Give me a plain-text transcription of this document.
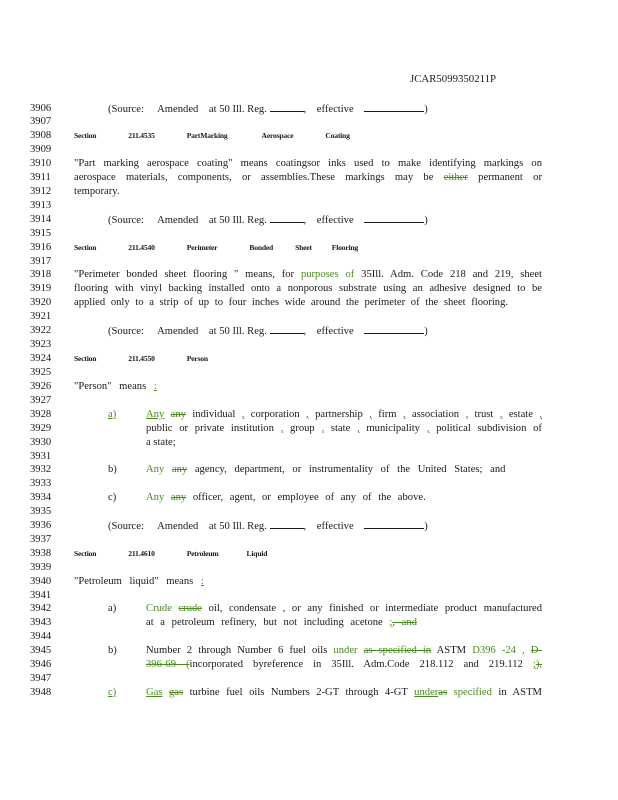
JCAR5099350211P
3906	(Source: Amended at 50 Ill. Reg.	, effective	)
3907
3908	Section	211.4535	PartMarking	Aerospace	Coating
3909
3910	"Part marking aerospace coating" means coatingsor inks used to make identifying markings on
3911	aerospace materials, components, or assemblies.These markings may be either permanent or
3912	temporary.
3913
3914	(Source: Amended at 50 Ill. Reg.	, effective	)
3915
3916	Section	211.4540	Perimeter	Bonded	Sheet	Flooring
3917
3918	"Perimeter bonded sheet flooring " means, for purposes of 35Ill. Adm. Code 218 and 219, sheet
3919	flooring with vinyl backing installed onto a nonporous substrate using an adhesive designed to be
3920	applied only to a strip of up to four inches wide around the perimeter of the sheet flooring.
3921
3922	(Source: Amended at 50 Ill. Reg.	, effective	)
3923
3924	Section	211.4550	Person
3925
3926	"Person" means :
3927
3928	a)	Any any individual , corporation , partnership , firm , association , trust , estate ,
3929	public or private institution , group , state , municipality , political subdivision of
3930	a state;
3931
3932	b)	Any any agency, department, or instrumentality of the United States; and
3933
3934	c)	Any any officer, agent, or employee of any of the above.
3935
3936	(Source: Amended at 50 Ill. Reg.	, effective	)
3937
3938	Section	211.4610	Petroleum	Liquid
3939
3940	"Petroleum liquid" means :
3941
3942	a)	Crude crude oil, condensate , or any finished or intermediate product manufactured
3943	at a petroleum refinery, but not including acetone ;, and
3944
3945	b)	Number 2 through Number 6 fuel oils under as specified in ASTM D396 -24 , D-
3946	396-69 (incorporated byreference in 35Ill. Adm.Code 218.112 and 219.112 ;),
3947
3948	c)	Gas gas turbine fuel oils Numbers 2-GT through 4-GT underas specified in ASTM
